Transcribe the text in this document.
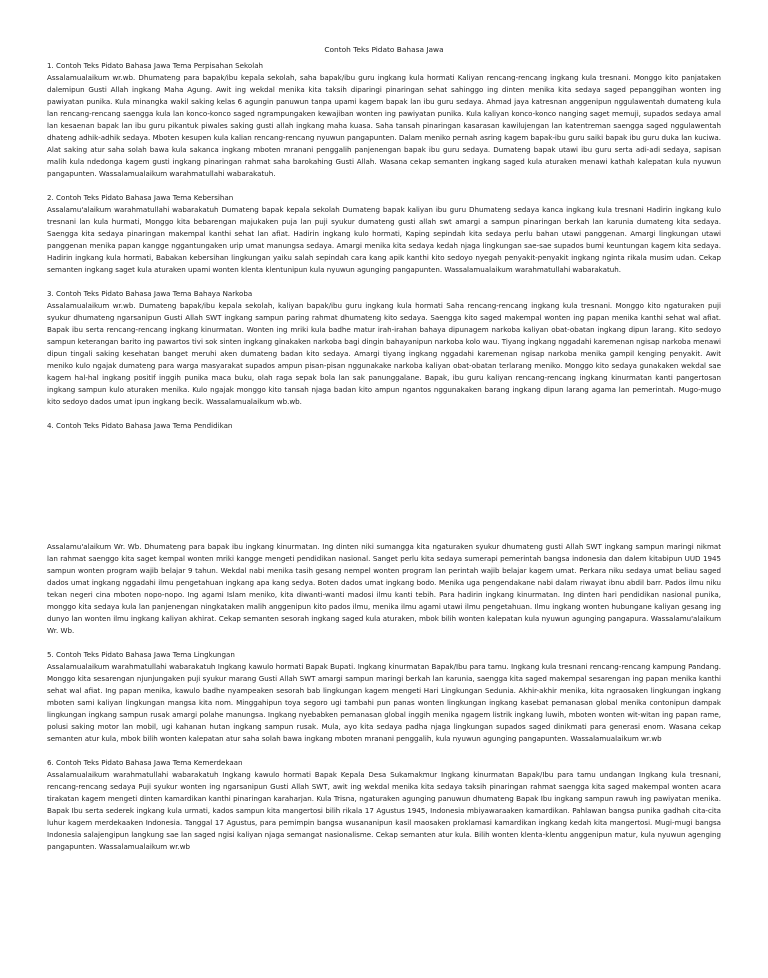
Contoh Teks Pidato Bahasa Jawa
1. Contoh Teks Pidato Bahasa Jawa Tema Perpisahan Sekolah
Assalamualaikum wr.wb. Dhumateng para bapak/ibu kepala sekolah, saha bapak/ibu guru ingkang kula hormati Kaliyan rencang-rencang ingkang kula tresnani. Monggo kito panjataken dalemipun Gusti Allah ingkang Maha Agung. Awit ing wekdal menika kita taksih diparingi pinaringan sehat sahinggo ing dinten menika kita sedaya saged pepanggihan wonten ing pawiyatan punika. Kula minangka wakil saking kelas 6 agungin panuwun tanpa upami kagem bapak lan ibu guru sedaya. Ahmad jaya katresnan anggenipun nggulawentah dumateng kula lan rencang-rencang saengga kula lan konco-konco saged ngrampungaken kewajiban wonten ing pawiyatan punika. Kula kaliyan konco-konco nanging saget memuji, supados sedaya amal lan kesaenan bapak lan ibu guru pikantuk piwales saking gusti allah ingkang maha kuasa. Saha tansah pinaringan kasarasan kawilujengan lan katentreman saengga saged nggulawentah dhateng adhik-adhik sedaya. Mboten kesupen kula kalian rencang-rencang nyuwun pangapunten. Dalam meniko pernah asring kagem bapak-ibu guru saiki bapak ibu guru duka lan kuciwa. Alat saking atur saha solah bawa kula sakanca ingkang mboten mranani penggalih panjenengan bapak ibu guru sedaya. Dumateng bapak utawi ibu guru serta adi-adi sedaya, sapisan malih kula ndedonga kagem gusti ingkang pinaringan rahmat saha barokahing Gusti Allah. Wasana cekap semanten ingkang saged kula aturaken menawi kathah kalepatan kula nyuwun pangapunten. Wassalamualaikum warahmatullahi wabarakatuh.
2. Contoh Teks Pidato Bahasa Jawa Tema Kebersihan
Assalamu'alaikum warahmatullahi wabarakatuh Dumateng bapak kepala sekolah Dumateng bapak kaliyan ibu guru Dhumateng sedaya kanca ingkang kula tresnani Hadirin ingkang kulo tresnani lan kula hurmati, Monggo kita bebarengan majukaken puja lan puji syukur dumateng gusti allah swt amargi a sampun pinaringan berkah lan karunia dumateng kita sedaya. Saengga kita sedaya pinaringan makempal kanthi sehat lan afiat. Hadirin ingkang kulo hormati, Kaping sepindah kita sedaya perlu bahan utawi panggenan. Amargi lingkungan utawi panggenan menika papan kangge nggantungaken urip umat manungsa sedaya. Amargi menika kita sedaya kedah njaga lingkungan sae-sae supados bumi keuntungan kagem kita sedaya. Hadirin ingkang kula hormati, Babakan kebersihan lingkungan yaiku salah sepindah cara kang apik kanthi kito sedoyo nyegah penyakit-penyakit ingkang nginta rikala musim udan. Cekap semanten ingkang saget kula aturaken upami wonten klenta klentunipun kula nyuwun agunging pangapunten. Wassalamualaikum warahmatullahi wabarakatuh.
3. Contoh Teks Pidato Bahasa Jawa Tema Bahaya Narkoba
Assalamualaikum wr.wb. Dumateng bapak/ibu kepala sekolah, kaliyan bapak/ibu guru ingkang kula hormati Saha rencang-rencang ingkang kula tresnani. Monggo kito ngaturaken puji syukur dhumateng ngarsanipun Gusti Allah SWT ingkang sampun paring rahmat dhumateng kito sedaya. Saengga kito saged makempal wonten ing papan menika kanthi sehat wal afiat. Bapak ibu serta rencang-rencang ingkang kinurmatan. Wonten ing mriki kula badhe matur irah-irahan bahaya dipunagem narkoba kaliyan obat-obatan ingkang dipun larang. Kito sedoyo sampun keterangan barito ing pawartos tivi sok sinten ingkang ginakaken narkoba bagi dingin bahayanipun narkoba kolo wau. Tiyang ingkang nggadahi karemenan ngisap narkoba menawi dipun tingali saking kesehatan banget meruhi aken dumateng badan kito sedaya. Amargi tiyang ingkang nggadahi karemenan ngisap narkoba menika gampil kenging penyakit. Awit meniko kulo ngajak dumateng para warga masyarakat supados ampun pisan-pisan nggunakake narkoba kaliyan obat-obatan terlarang meniko. Monggo kito sedaya gunakaken wekdal sae kagem hal-hal ingkang positif inggih punika maca buku, olah raga sepak bola lan sak panunggalane. Bapak, ibu guru kaliyan rencang-rencang ingkang kinurmatan kanti pangertosan ingkang sampun kulo aturaken menika. Kulo ngajak monggo kito tansah njaga badan kito ampun ngantos nggunakaken barang ingkang dipun larang agama lan pemerintah. Mugo-mugo kito sedoyo dados umat ipun ingkang becik. Wassalamualaikum wb.wb.
4. Contoh Teks Pidato Bahasa Jawa Tema Pendidikan
Assalamu'alaikum Wr. Wb. Dhumateng para bapak ibu ingkang kinurmatan. Ing dinten niki sumangga kita ngaturaken syukur dhumateng gusti Allah SWT ingkang sampun maringi nikmat lan rahmat saenggo kita saget kempal wonten mriki kangge mengeti pendidikan nasional. Sanget perlu kita sedaya sumerapi pemerintah bangsa indonesia dan dalem kitabipun UUD 1945 sampun wonten program wajib belajar 9 tahun. Wekdal nabi menika tasih gesang nempel wonten program lan perintah wajib belajar kagem umat. Perkara niku sedaya umat beliau saged dados umat ingkang nggadahi ilmu pengetahuan ingkang apa kang sedya. Boten dados umat ingkang bodo. Menika uga pengendakane nabi dalam riwayat ibnu abdil barr. Pados ilmu niku tekan negeri cina mboten nopo-nopo. Ing agami Islam meniko, kita diwanti-wanti madosi ilmu kanti tebih. Para hadirin ingkang kinurmatan. Ing dinten hari pendidikan nasional punika, monggo kita sedaya kula lan panjenengan ningkataken malih anggenipun kito pados ilmu, menika ilmu agami utawi ilmu pengetahuan. Ilmu ingkang wonten hubungane kaliyan gesang ing dunyo lan wonten ilmu ingkang kaliyan akhirat. Cekap semanten sesorah ingkang saged kula aturaken, mbok bilih wonten kalepatan kula nyuwun agunging pangapura. Wassalamu'alaikum Wr. Wb.
5. Contoh Teks Pidato Bahasa Jawa Tema Lingkungan
Assalamualaikum warahmatullahi wabarakatuh Ingkang kawulo hormati Bapak Bupati. Ingkang kinurmatan Bapak/Ibu para tamu. Ingkang kula tresnani rencang-rencang kampung Pandang. Monggo kita sesarengan njunjungaken puji syukur marang Gusti Allah SWT amargi sampun maringi berkah lan karunia, saengga kita saged makempal sesarengan ing papan menika kanthi sehat wal afiat. Ing papan menika, kawulo badhe nyampeaken sesorah bab lingkungan kagem mengeti Hari Lingkungan Sedunia. Akhir-akhir menika, kita ngraosaken lingkungan ingkang mboten sami kaliyan lingkungan mangsa kita nom. Minggahipun toya segoro ugi tambahi pun panas wonten lingkungan ingkang kasebat pemanasan global menika contonipun dampak lingkungan ingkang sampun rusak amargi polahe manungsa. Ingkang nyebabken pemanasan global inggih menika ngagem listrik ingkang luwih, mboten wonten wit-witan ing papan rame, polusi saking motor lan mobil, ugi kahanan hutan ingkang sampun rusak. Mula, ayo kita sedaya padha njaga lingkungan supados saged dinikmati para generasi enom. Wasana cekap semanten atur kula, mbok bilih wonten kalepatan atur saha solah bawa ingkang mboten mranani penggalih, kula nyuwun agunging pangapunten. Wassalamualaikum wr.wb
6. Contoh Teks Pidato Bahasa Jawa Tema Kemerdekaan
Assalamualaikum warahmatullahi wabarakatuh Ingkang kawulo hormati Bapak Kepala Desa Sukamakmur Ingkang kinurmatan Bapak/Ibu para tamu undangan Ingkang kula tresnani, rencang-rencang sedaya Puji syukur wonten ing ngarsanipun Gusti Allah SWT, awit ing wekdal menika kita sedaya taksih pinaringan rahmat saengga kita saged makempal wonten acara tirakatan kagem mengeti dinten kamardikan kanthi pinaringan karaharjan. Kula Trisna, ngaturaken agunging panuwun dhumateng Bapak Ibu ingkang sampun rawuh ing pawiyatan menika. Bapak Ibu serta sederek ingkang kula urmati, kados sampun kita mangertosi bilih rikala 17 Agustus 1945, Indonesia mbiyawaraaken kamardikan. Pahlawan bangsa punika gadhah cita-cita luhur kagem merdekaaken Indonesia. Tanggal 17 Agustus, para pemimpin bangsa wusananipun kasil maosaken proklamasi kamardikan ingkang kedah kita mangertosi. Mugi-mugi bangsa Indonesia salajengipun langkung sae lan saged ngisi kaliyan njaga semangat nasionalisme. Cekap semanten atur kula. Bilih wonten klenta-klentu anggenipun matur, kula nyuwun agenging pangapunten. Wassalamualaikum wr.wb
